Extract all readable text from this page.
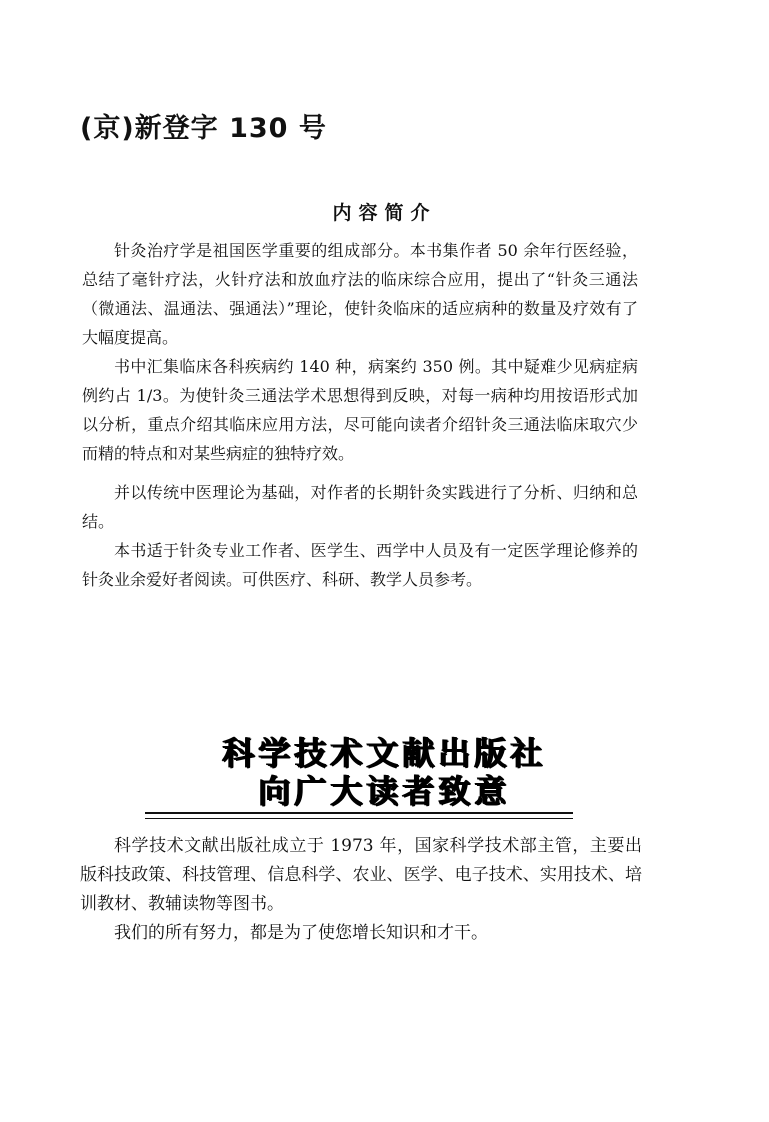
(京)新登字 130 号

内容简介

针灸治疗学是祖国医学重要的组成部分。本书集作者 50 余年行医经验，总结了毫针疗法，火针疗法和放血疗法的临床综合应用，提出了“针灸三通法（微通法、温通法、强通法）”理论，使针灸临床的适应病种的数量及疗效有了大幅度提高。

书中汇集临床各科疾病约 140 种，病案约 350 例。其中疑难少见病症病例约占 1/3。为使针灸三通法学术思想得到反映，对每一病种均用按语形式加以分析，重点介绍其临床应用方法，尽可能向读者介绍针灸三通法临床取穴少而精的特点和对某些病症的独特疗效。

并以传统中医理论为基础，对作者的长期针灸实践进行了分析、归纳和总结。

本书适于针灸专业工作者、医学生、西学中人员及有一定医学理论修养的针灸业余爱好者阅读。可供医疗、科研、教学人员参考。

科学技术文献出版社
向广大读者致意

科学技术文献出版社成立于 1973 年，国家科学技术部主管，主要出版科技政策、科技管理、信息科学、农业、医学、电子技术、实用技术、培训教材、教辅读物等图书。

我们的所有努力，都是为了使您增长知识和才干。
